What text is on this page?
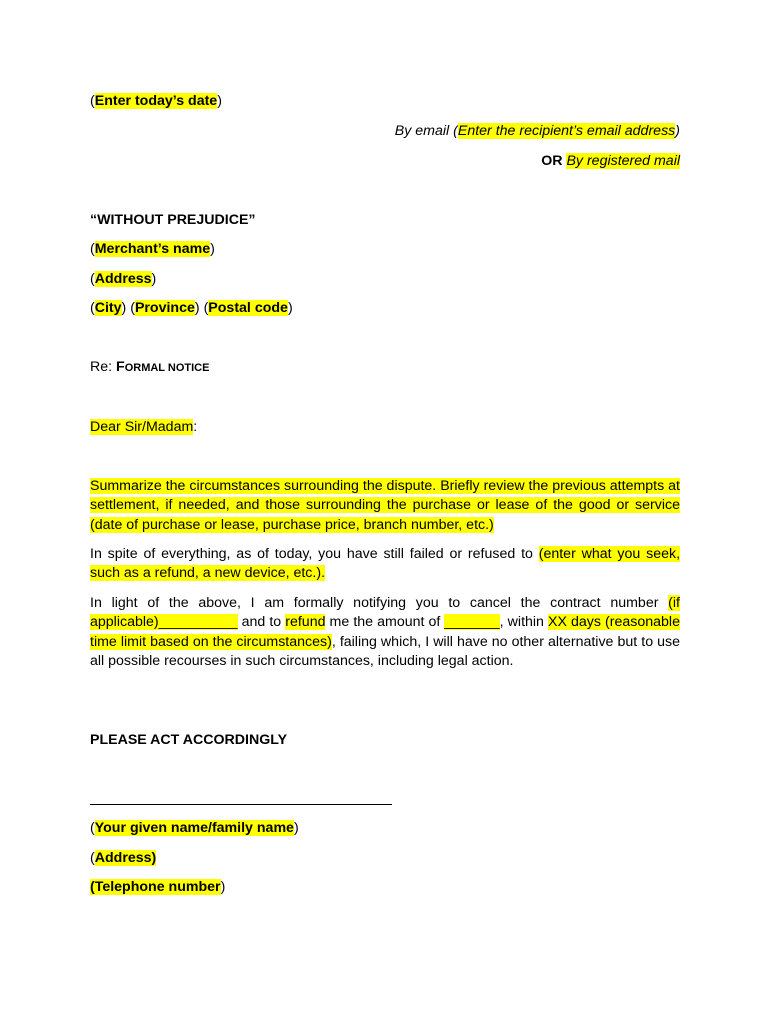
(Enter today’s date)
By email (Enter the recipient’s email address)
OR By registered mail
“WITHOUT PREJUDICE”
(Merchant’s name)
(Address)
(City) (Province) (Postal code)
Re: FORMAL NOTICE
Dear Sir/Madam:
Summarize the circumstances surrounding the dispute. Briefly review the previous attempts at settlement, if needed, and those surrounding the purchase or lease of the good or service (date of purchase or lease, purchase price, branch number, etc.)
In spite of everything, as of today, you have still failed or refused to (enter what you seek, such as a refund, a new device, etc.).
In light of the above, I am formally notifying you to cancel the contract number (if applicable)__________ and to refund me the amount of _______, within XX days (reasonable time limit based on the circumstances), failing which, I will have no other alternative but to use all possible recourses in such circumstances, including legal action.
PLEASE ACT ACCORDINGLY
(Your given name/family name)
(Address)
(Telephone number)
